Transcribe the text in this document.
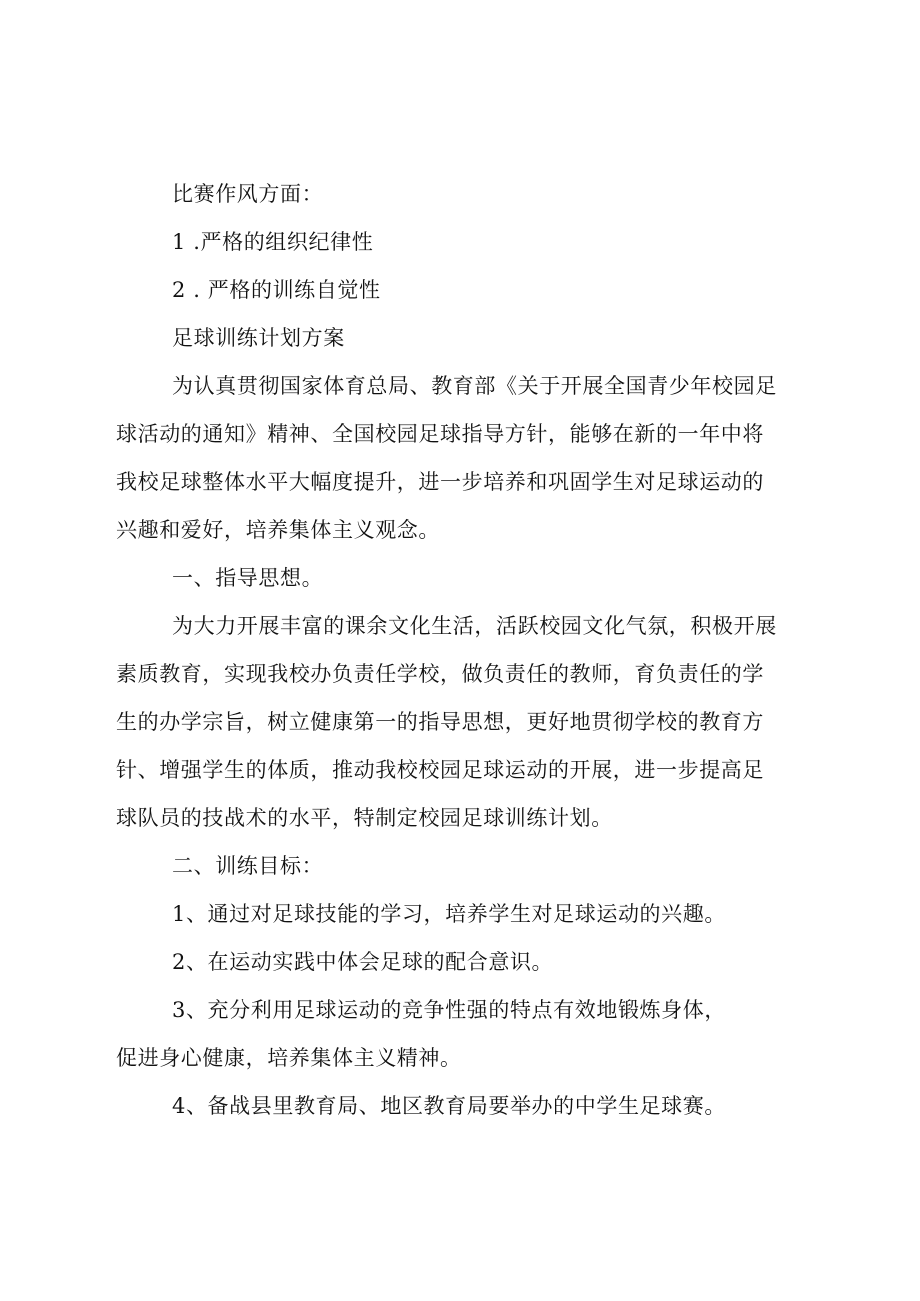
比赛作风方面：
1 .严格的组织纪律性
2 . 严格的训练自觉性
足球训练计划方案
为认真贯彻国家体育总局、教育部《关于开展全国青少年校园足
球活动的通知》精神、全国校园足球指导方针，能够在新的一年中将
我校足球整体水平大幅度提升，进一步培养和巩固学生对足球运动的
兴趣和爱好，培养集体主义观念。
一、指导思想。
为大力开展丰富的课余文化生活，活跃校园文化气氛，积极开展
素质教育，实现我校办负责任学校，做负责任的教师，育负责任的学
生的办学宗旨，树立健康第一的指导思想，更好地贯彻学校的教育方
针、增强学生的体质，推动我校校园足球运动的开展，进一步提高足
球队员的技战术的水平，特制定校园足球训练计划。
二、训练目标：
1、通过对足球技能的学习，培养学生对足球运动的兴趣。
2、在运动实践中体会足球的配合意识。
3、充分利用足球运动的竞争性强的特点有效地锻炼身体，
促进身心健康，培养集体主义精神。
4、备战县里教育局、地区教育局要举办的中学生足球赛。
